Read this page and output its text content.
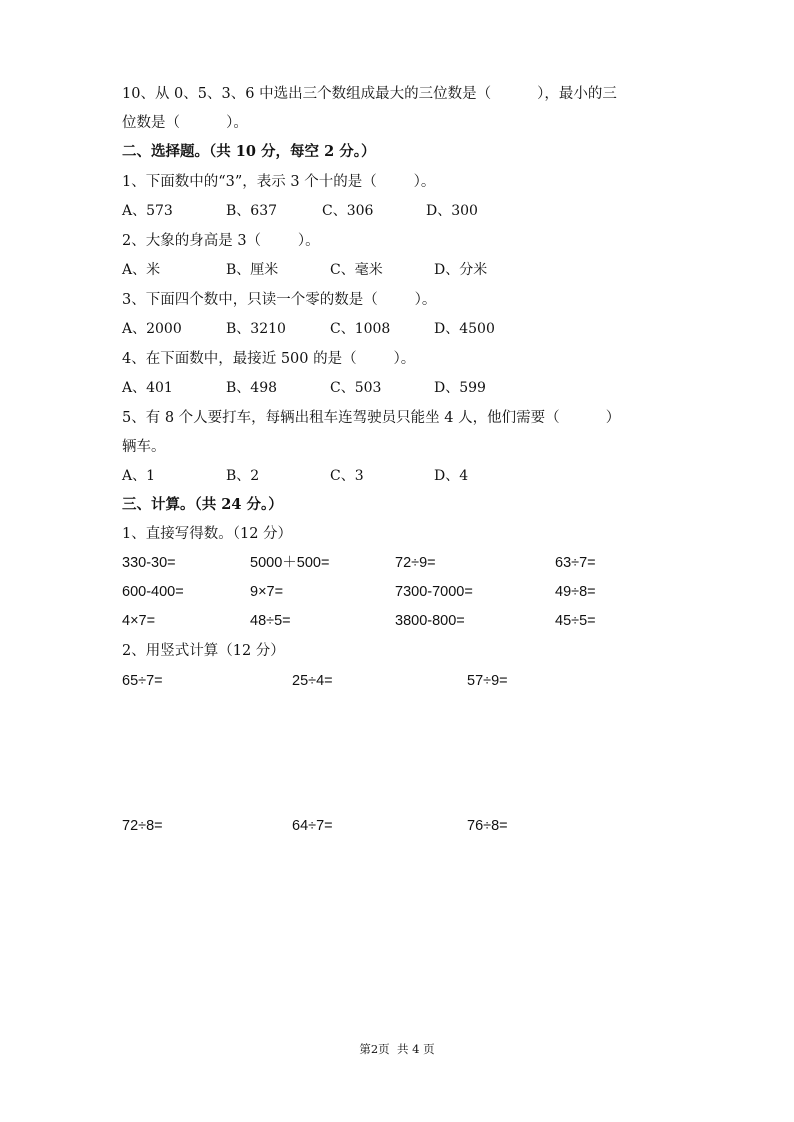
10、从 0、5、3、6 中选出三个数组成最大的三位数是（          ），最小的三
位数是（          ）。
二、选择题。（共 10 分，每空 2 分。）
1、下面数中的“3”，表示 3 个十的是（        ）。
A、573	B、637	C、306	D、300
2、大象的身高是 3（        ）。
A、米	B、厘米	C、毫米	D、分米
3、下面四个数中，只读一个零的数是（        ）。
A、2000	B、3210	C、1008	D、4500
4、在下面数中，最接近 500 的是（        ）。
A、401	B、498	C、503	D、599
5、有 8 个人要打车，每辆出租车连驾驶员只能坐 4 人，他们需要（          ）
辆车。
A、1	B、2	C、3	D、4
三、计算。（共 24 分。）
1、直接写得数。（12 分）
330-30=	5000＋500=	72÷9=	63÷7=
600-400=	9×7=	7300-7000=	49÷8=
4×7=	48÷5=	3800-800=	45÷5=
2、用竖式计算（12 分）
65÷7=	25÷4=	57÷9=
72÷8=	64÷7=	76÷8=
第2页  共 4 页
